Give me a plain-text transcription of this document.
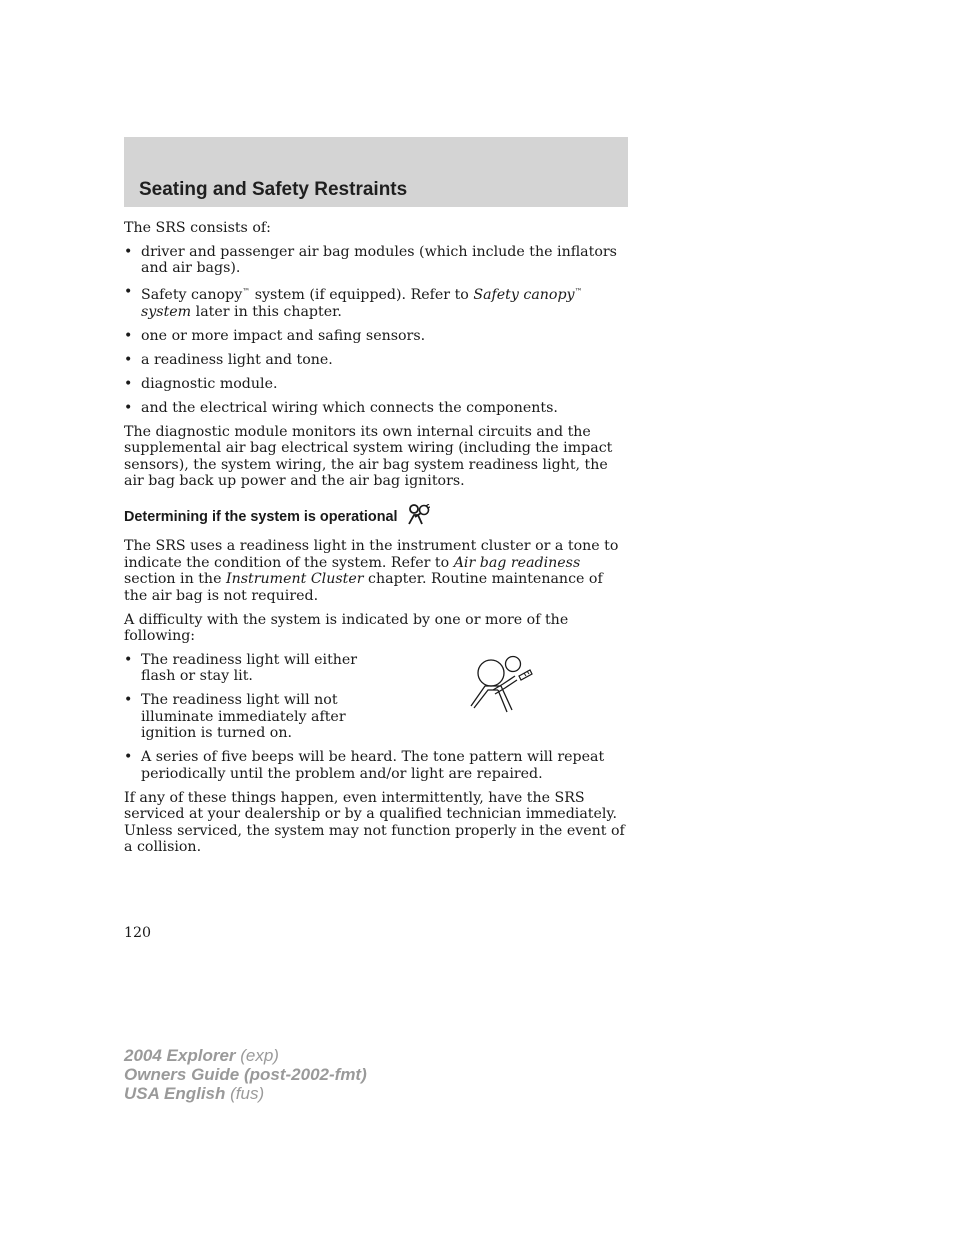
Seating and Safety Restraints

The SRS consists of:

• driver and passenger air bag modules (which include the inflators and air bags).
• Safety canopy™ system (if equipped). Refer to Safety canopy™ system later in this chapter.
• one or more impact and safing sensors.
• a readiness light and tone.
• diagnostic module.
• and the electrical wiring which connects the components.

The diagnostic module monitors its own internal circuits and the supplemental air bag electrical system wiring (including the impact sensors), the system wiring, the air bag system readiness light, the air bag back up power and the air bag ignitors.

Determining if the system is operational

The SRS uses a readiness light in the instrument cluster or a tone to indicate the condition of the system. Refer to Air bag readiness section in the Instrument Cluster chapter. Routine maintenance of the air bag is not required.

A difficulty with the system is indicated by one or more of the following:

• The readiness light will either flash or stay lit.
• The readiness light will not illuminate immediately after ignition is turned on.
• A series of five beeps will be heard. The tone pattern will repeat periodically until the problem and/or light are repaired.

If any of these things happen, even intermittently, have the SRS serviced at your dealership or by a qualified technician immediately. Unless serviced, the system may not function properly in the event of a collision.

120
2004 Explorer (exp)
Owners Guide (post-2002-fmt)
USA English (fus)
